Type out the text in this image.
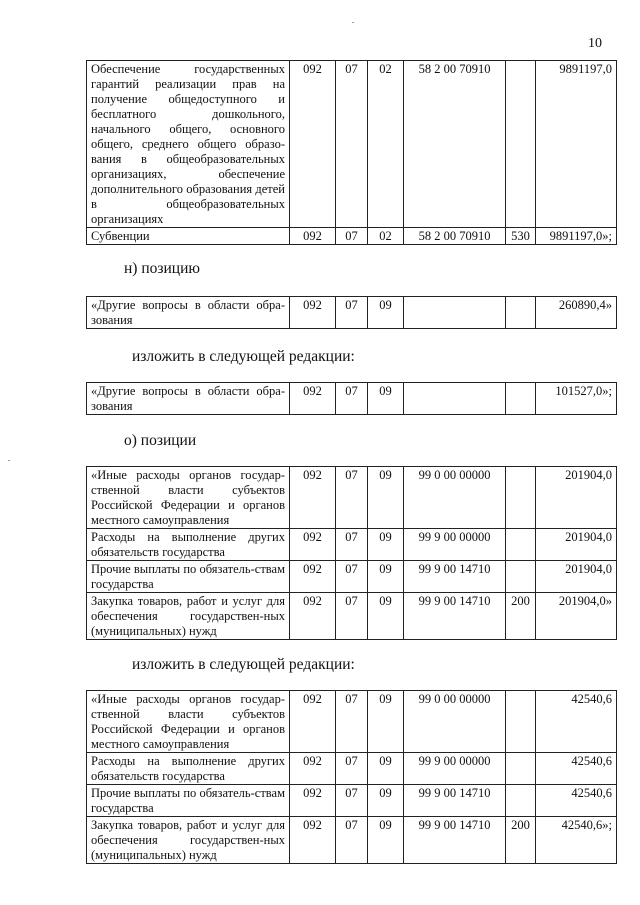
10
Обеспечение государственных гарантий реализации прав на получение общедоступного и бесплатного дошкольного, начального общего, основного общего, среднего общего образо-вания в общеобразовательных организациях, обеспечение дополнительного образования детей в общеобразовательных организациях	092	07	02	58 2 00 70910		9891197,0
Субвенции	092	07	02	58 2 00 70910	530	9891197,0»;
н) позицию
«Другие вопросы в области обра-зования	092	07	09			260890,4»
изложить в следующей редакции:
«Другие вопросы в области обра-зования	092	07	09			101527,0»;
о) позиции
«Иные расходы органов государ-ственной власти субъектов Российской Федерации и органов местного самоуправления	092	07	09	99 0 00 00000		201904,0
Расходы на выполнение других обязательств государства	092	07	09	99 9 00 00000		201904,0
Прочие выплаты по обязатель-ствам государства	092	07	09	99 9 00 14710		201904,0
Закупка товаров, работ и услуг для обеспечения государствен-ных (муниципальных) нужд	092	07	09	99 9 00 14710	200	201904,0»
изложить в следующей редакции:
«Иные расходы органов государ-ственной власти субъектов Российской Федерации и органов местного самоуправления	092	07	09	99 0 00 00000		42540,6
Расходы на выполнение других обязательств государства	092	07	09	99 9 00 00000		42540,6
Прочие выплаты по обязатель-ствам государства	092	07	09	99 9 00 14710		42540,6
Закупка товаров, работ и услуг для обеспечения государствен-ных (муниципальных) нужд	092	07	09	99 9 00 14710	200	42540,6»;
